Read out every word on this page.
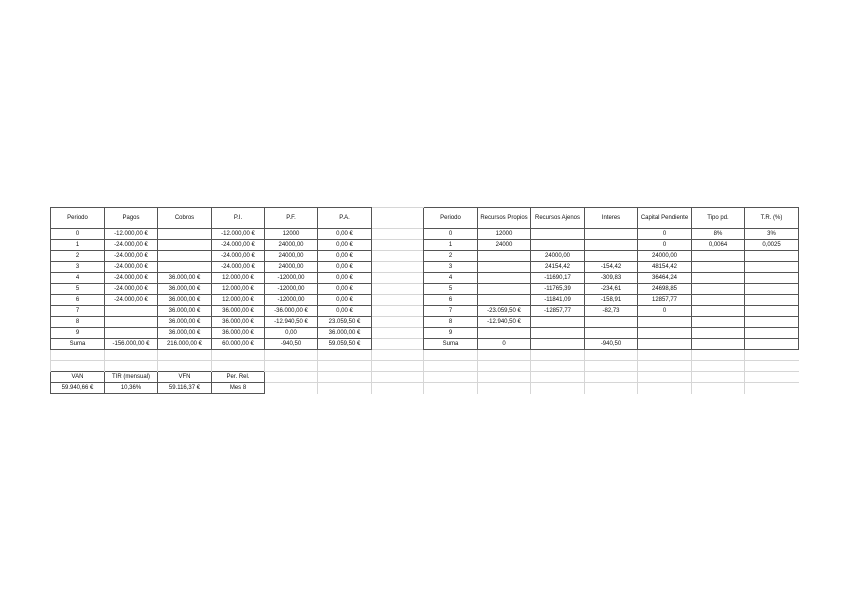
Periodo	Pagos	Cobros	P.I.	P.F.	P.A.		Periodo	Recursos Propios	Recursos Ajenos	Interes	Capital Pendiente	Tipo pd.	T.R. (%)
0	-12.000,00 €		-12.000,00 €	12000	0,00 €		0	12000			0	8%	3%
1	-24.000,00 €		-24.000,00 €	24000,00	0,00 €		1	24000			0	0,0064	0,0025
2	-24.000,00 €		-24.000,00 €	24000,00	0,00 €		2		24000,00		24000,00		
3	-24.000,00 €		-24.000,00 €	24000,00	0,00 €		3		24154,42	-154,42	48154,42		
4	-24.000,00 €	36.000,00 €	12.000,00 €	-12000,00	0,00 €		4		-11690,17	-309,83	36464,24		
5	-24.000,00 €	36.000,00 €	12.000,00 €	-12000,00	0,00 €		5		-11765,39	-234,61	24698,85		
6	-24.000,00 €	36.000,00 €	12.000,00 €	-12000,00	0,00 €		6		-11841,09	-158,91	12857,77		
7		36.000,00 €	36.000,00 €	-36.000,00 €	0,00 €		7	-23.059,50 €	-12857,77	-82,73	0		
8		36.000,00 €	36.000,00 €	-12.940,50 €	23.059,50 €		8	-12.940,50 €					
9		36.000,00 €	36.000,00 €	0,00	36.000,00 €		9						
Suma	-156.000,00 €	216.000,00 €	60.000,00 €	-940,50	59.059,50 €		Suma	0		-940,50			

VAN	TIR (mensual)	VFN	Per. Rel.										
59.940,66 €	10,36%	59.116,37 €	Mes 8										
